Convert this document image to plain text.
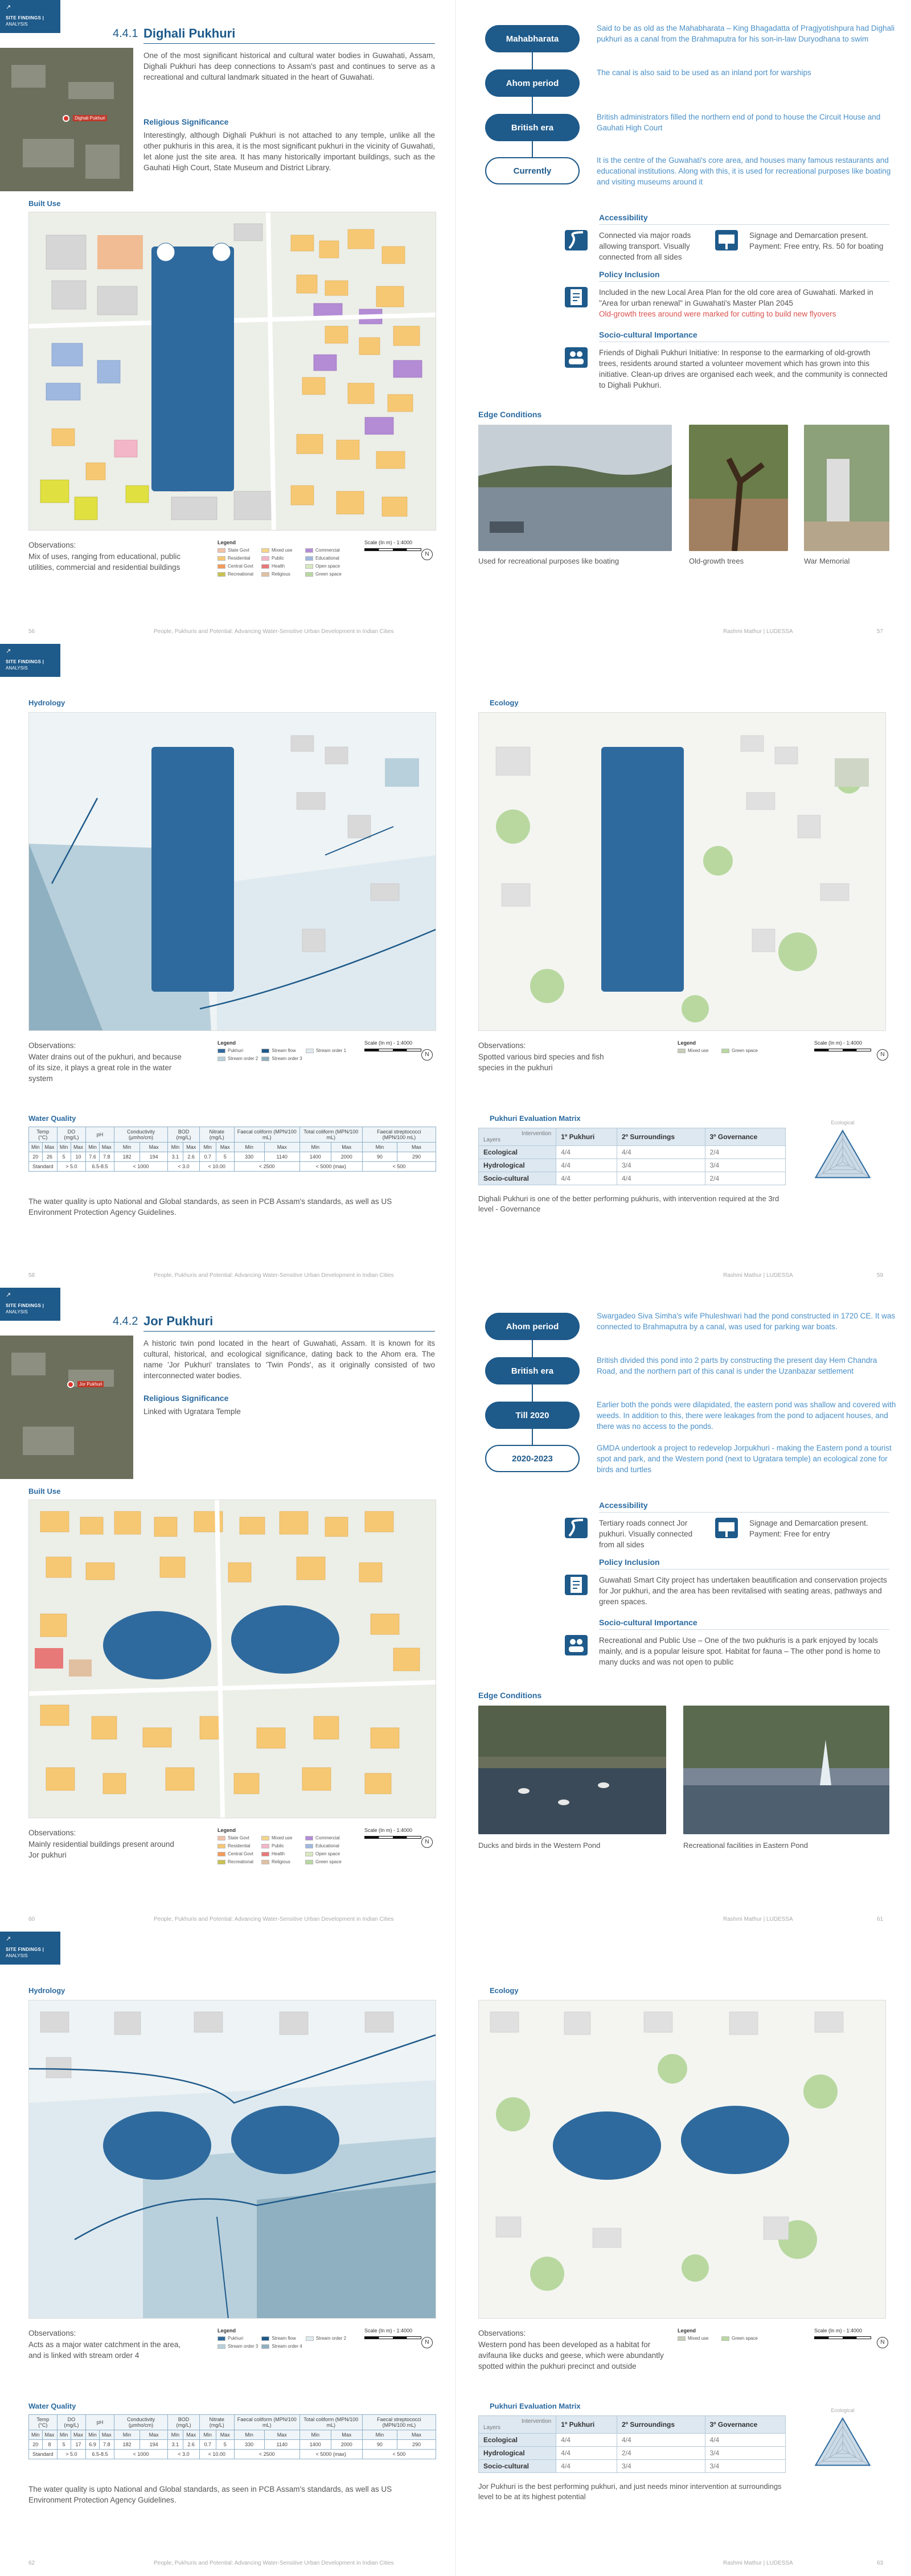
↗
SITE FINDINGS |
ANALYSIS
4.4.1 Dighali Pukhuri
Dighali Pukhuri
One of the most significant historical and cultural water bodies in Guwahati, Assam, Dighali Pukhuri has deep connections to Assam's past and continues to serve as a recreational and cultural landmark situated in the heart of Guwahati.
Religious Significance
Interestingly, although Dighali Pukhuri is not attached to any temple, unlike all the other pukhuris in this area, it is the most significant pukhuri in the vicinity of Guwahati, let alone just the site area. It has many historically important buildings, such as the Gauhati High Court, State Museum and District Library.
Built Use
Observations:
Mix of uses, ranging from educational, public utilities, commercial and residential buildings
Legend
State Govt	Mixed use	Commercial
Residential	Public	Educational
Central Govt	Health	Open space
Recreational	Religious	Green space
Scale (In m) - 1:4000
N
56	People, Pukhuris and Potential: Advancing Water-Sensitive Urban Development in Indian Cities
Mahabharata
Said to be as old as the Mahabharata – King Bhagadatta of Pragjyotishpura had Dighali pukhuri as a canal from the Brahmaputra for his son-in-law Duryodhana to swim
Ahom period
The canal is also said to be used as an inland port for warships
British era
British administrators filled the northern end of pond to house the Circuit House and Gauhati High Court
Currently
It is the centre of the Guwahati's core area, and houses many famous restaurants and educational institutions. Along with this, it is used for recreational purposes like boating and visiting museums around it
Accessibility
Connected via major roads allowing transport. Visually connected from all sides
Signage and Demarcation present. Payment: Free entry, Rs. 50 for boating
Policy Inclusion
Included in the new Local Area Plan for the old core area of Guwahati. Marked in "Area for urban renewal" in Guwahati's Master Plan 2045
Old-growth trees around were marked for cutting to build new flyovers
Socio-cultural Importance
Friends of Dighali Pukhuri Initiative: In response to the earmarking of old-growth trees, residents around started a volunteer movement which has grown into this initiative. Clean-up drives are organised each week, and the community is connected to Dighali Pukhuri.
Edge Conditions
Used for recreational purposes like boating	Old-growth trees	War Memorial
Rashmi Mathur | LUDESSA	57
↗
SITE FINDINGS |
ANALYSIS
Hydrology
Observations:
Water drains out of the pukhuri, and because of its size, it plays a great role in the water system
Legend
Pukhuri	Stream flow	Stream order 1
Stream order 2	Stream order 3
Scale (In m) - 1:4000
N
Water Quality
Temp (°C)		DO (mg/L)		pH		Conductivity (µmho/cm)		BOD (mg/L)		Nitrate (mg/L)		Faecal coliform (MPN/100 mL)		Total coliform (MPN/100 mL)		Faecal streptococci (MPN/100 mL)	
Min	Max	Min	Max	Min	Max	Min	Max	Min	Max	Min	Max	Min	Max	Min	Max	Min	Max
20	26	5	10	7.6	7.8	182	194	3.1	2.6	0.7	5	330	1140	1400	2000	90	290
Standard		> 5.0		6.5-8.5		< 1000		< 3.0		< 10.00		< 2500		< 5000 (max)		< 500	
The water quality is upto National and Global standards, as seen in PCB Assam's standards, as well as US Environment Protection Agency Guidelines.
58	People, Pukhuris and Potential: Advancing Water-Sensitive Urban Development in Indian Cities
Ecology
Observations:
Spotted various bird species and fish species in the pukhuri
Legend
Mixed use	Green space
Scale (In m) - 1:4000
N
Pukhuri Evaluation Matrix
Intervention
Layers	1º Pukhuri	2º Surroundings	3º Governance
Ecological	4/4	4/4	2/4
Hydrological	4/4	3/4	3/4
Socio-cultural	4/4	4/4	2/4
Dighali Pukhuri is one of the better performing pukhuris, with intervention required at the 3rd level - Governance
Ecological
Rashmi Mathur | LUDESSA	59
↗
SITE FINDINGS |
ANALYSIS
4.4.2 Jor Pukhuri
Jor Pukhuri
A historic twin pond located in the heart of Guwahati, Assam. It is known for its cultural, historical, and ecological significance, dating back to the Ahom era. The name 'Jor Pukhuri' translates to 'Twin Ponds', as it originally consisted of two interconnected water bodies.
Religious Significance
Linked with Ugratara Temple
Built Use
Observations:
Mainly residential buildings present around Jor pukhuri
Legend
State Govt	Mixed use	Commercial
Residential	Public	Educational
Central Govt	Health	Open space
Recreational	Religious	Green space
Scale (In m) - 1:4000
N
60	People, Pukhuris and Potential: Advancing Water-Sensitive Urban Development in Indian Cities
Ahom period
Swargadeo Siva Simha's wife Phuleshwari had the pond constructed in 1720 CE. It was connected to Brahmaputra by a canal, was used for parking war boats.
British era
British divided this pond into 2 parts by constructing the present day Hem Chandra Road, and the northern part of this canal is under the Uzanbazar settlement
Till 2020
Earlier both the ponds were dilapidated, the eastern pond was shallow and covered with weeds. In addition to this, there were leakages from the pond to adjacent houses, and there was no access to the ponds.
2020-2023
GMDA undertook a project to redevelop Jorpukhuri - making the Eastern pond a tourist spot and park, and the Western pond (next to Ugratara temple) an ecological zone for birds and turtles
Accessibility
Tertiary roads connect Jor pukhuri. Visually connected from all sides
Signage and Demarcation present. Payment: Free for entry
Policy Inclusion
Guwahati Smart City project has undertaken beautification and conservation projects for Jor pukhuri, and the area has been revitalised with seating areas, pathways and green spaces.
Socio-cultural Importance
Recreational and Public Use – One of the two pukhuris is a park enjoyed by locals mainly, and is a popular leisure spot. Habitat for fauna – The other pond is home to many ducks and was not open to public
Edge Conditions
Ducks and birds in the Western Pond	Recreational facilities in Eastern Pond
Rashmi Mathur | LUDESSA	61
↗
SITE FINDINGS |
ANALYSIS
Hydrology
Observations:
Acts as a major water catchment in the area, and is linked with stream order 4
Legend
Pukhuri	Stream flow	Stream order 2
Stream order 3	Stream order 4
Scale (In m) - 1:4000
N
Water Quality
Temp (°C)		DO (mg/L)		pH		Conductivity (µmho/cm)		BOD (mg/L)		Nitrate (mg/L)		Faecal coliform (MPN/100 mL)		Total coliform (MPN/100 mL)		Faecal streptococci (MPN/100 mL)	
Min	Max	Min	Max	Min	Max	Min	Max	Min	Max	Min	Max	Min	Max	Min	Max	Min	Max
20	8	5	17	6.9	7.8	182	194	3.1	2.6	0.7	5	330	1140	1400	2000	90	290
Standard		> 5.0		6.5-8.5		< 1000		< 3.0		< 10.00		< 2500		< 5000 (max)		< 500	
The water quality is upto National and Global standards, as seen in PCB Assam's standards, as well as US Environment Protection Agency Guidelines.
62	People, Pukhuris and Potential: Advancing Water-Sensitive Urban Development in Indian Cities
Ecology
Observations:
Western pond has been developed as a habitat for avifauna like ducks and geese, which were abundantly spotted within the pukhuri precinct and outside
Legend
Mixed use	Green space
Scale (In m) - 1:4000
N
Pukhuri Evaluation Matrix
Intervention
Layers	1º Pukhuri	2º Surroundings	3º Governance
Ecological	4/4	4/4	4/4
Hydrological	4/4	2/4	3/4
Socio-cultural	4/4	3/4	3/4
Jor Pukhuri is the best performing pukhuri, and just needs minor intervention at surroundings level to be at its highest potential
Ecological
Rashmi Mathur | LUDESSA	63
